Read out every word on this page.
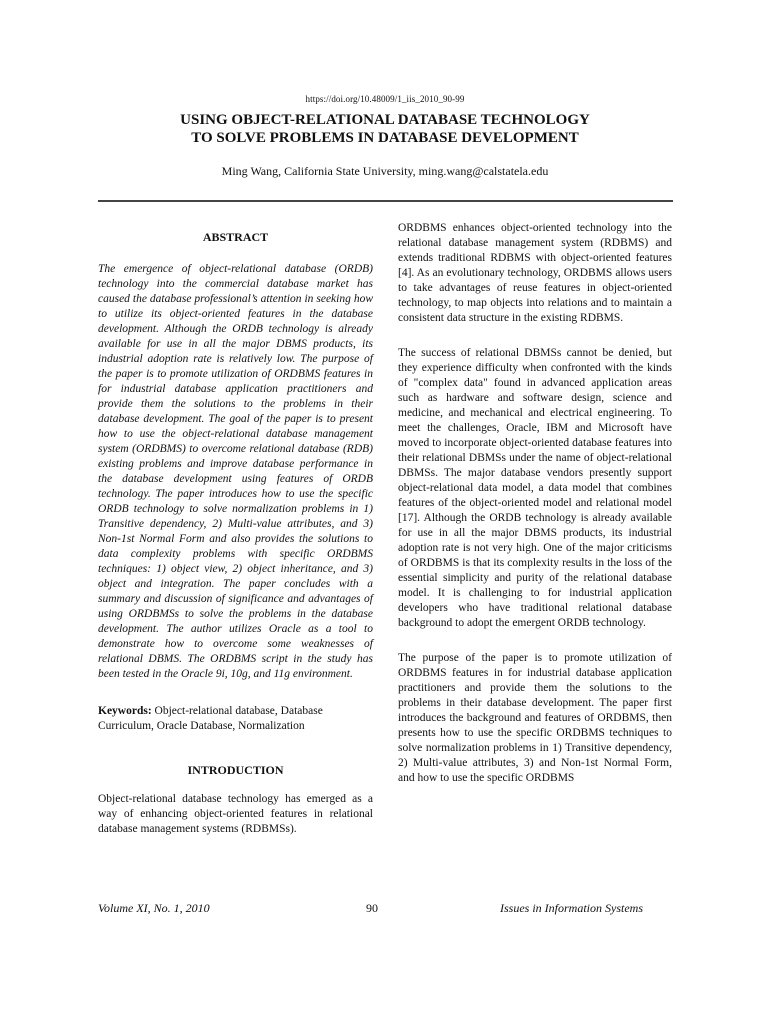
https://doi.org/10.48009/1_iis_2010_90-99
USING OBJECT-RELATIONAL DATABASE TECHNOLOGY
TO SOLVE PROBLEMS IN DATABASE DEVELOPMENT
Ming Wang, California State University, ming.wang@calstatela.edu

ABSTRACT

The emergence of object-relational database (ORDB) technology into the commercial database market has caused the database professional’s attention in seeking how to utilize its object-oriented features in the database development. Although the ORDB technology is already available for use in all the major DBMS products, its industrial adoption rate is relatively low. The purpose of the paper is to promote utilization of ORDBMS features in for industrial database application practitioners and provide them the solutions to the problems in their database development. The goal of the paper is to present how to use the object-relational database management system (ORDBMS) to overcome relational database (RDB) existing problems and improve database performance in the database development using features of ORDB technology. The paper introduces how to use the specific ORDB technology to solve normalization problems in 1) Transitive dependency, 2) Multi-value attributes, and 3) Non-1st Normal Form and also provides the solutions to data complexity problems with specific ORDBMS techniques: 1) object view, 2) object inheritance, and 3) object and integration. The paper concludes with a summary and discussion of significance and advantages of using ORDBMSs to solve the problems in the database development. The author utilizes Oracle as a tool to demonstrate how to overcome some weaknesses of relational DBMS. The ORDBMS script in the study has been tested in the Oracle 9i, 10g, and 11g environment.

Keywords: Object-relational database, Database Curriculum, Oracle Database, Normalization

INTRODUCTION

Object-relational database technology has emerged as a way of enhancing object-oriented features in relational database management systems (RDBMSs).

ORDBMS enhances object-oriented technology into the relational database management system (RDBMS) and extends traditional RDBMS with object-oriented features [4]. As an evolutionary technology, ORDBMS allows users to take advantages of reuse features in object-oriented technology, to map objects into relations and to maintain a consistent data structure in the existing RDBMS.

The success of relational DBMSs cannot be denied, but they experience difficulty when confronted with the kinds of "complex data" found in advanced application areas such as hardware and software design, science and medicine, and mechanical and electrical engineering. To meet the challenges, Oracle, IBM and Microsoft have moved to incorporate object-oriented database features into their relational DBMSs under the name of object-relational DBMSs. The major database vendors presently support object-relational data model, a data model that combines features of the object-oriented model and relational model [17]. Although the ORDB technology is already available for use in all the major DBMS products, its industrial adoption rate is not very high. One of the major criticisms of ORDBMS is that its complexity results in the loss of the essential simplicity and purity of the relational database model. It is challenging to for industrial application developers who have traditional relational database background to adopt the emergent ORDB technology.

The purpose of the paper is to promote utilization of ORDBMS features in for industrial database application practitioners and provide them the solutions to the problems in their database development. The paper first introduces the background and features of ORDBMS, then presents how to use the specific ORDBMS techniques to solve normalization problems in 1) Transitive dependency, 2) Multi-value attributes, 3) and Non-1st Normal Form, and how to use the specific ORDBMS

Volume XI, No. 1, 2010	90	Issues in Information Systems
